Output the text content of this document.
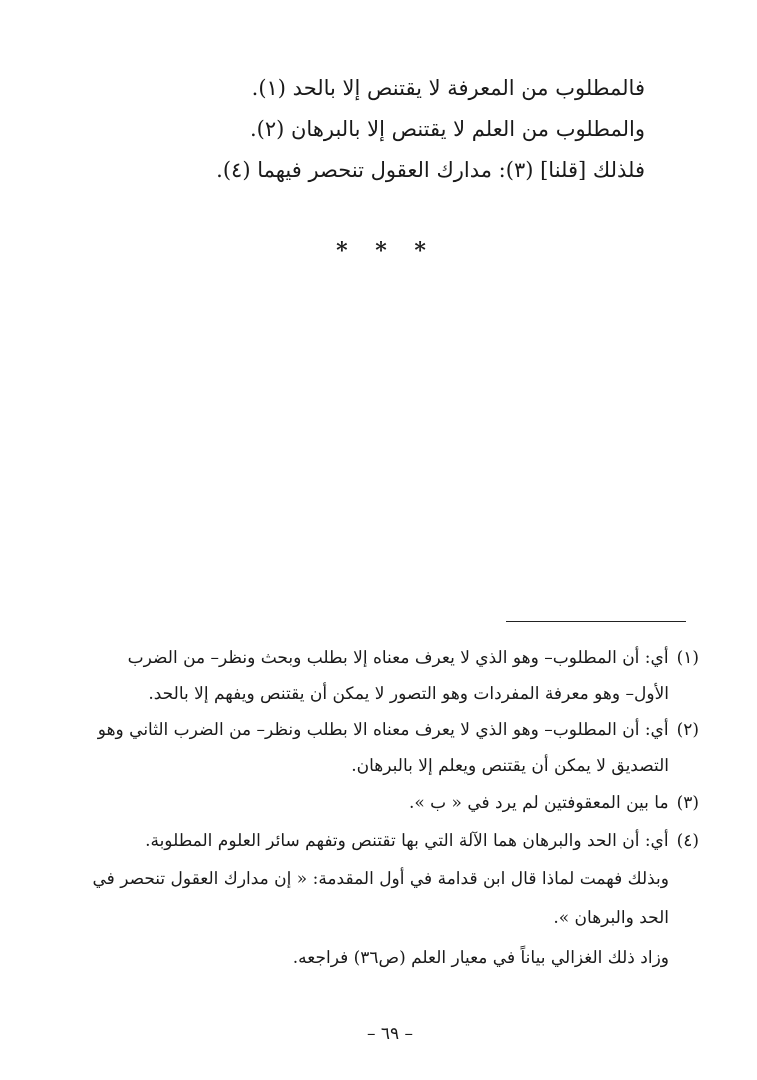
فالمطلوب من المعرفة لا يقتنص إلا بالحد (١).
والمطلوب من العلم لا يقتنص إلا بالبرهان (٢).
فلذلك [قلنا] (٣): مدارك العقول تنحصر فيهما (٤).
* * *
(١)أي: أن المطلوب– وهو الذي لا يعرف معناه إلا بطلب وبحث ونظر– من الضرب
الأول– وهو معرفة المفردات وهو التصور لا يمكن أن يقتنص ويفهم إلا بالحد.
(٢)أي: أن المطلوب– وهو الذي لا يعرف معناه الا بطلب ونظر– من الضرب الثاني وهو
التصديق لا يمكن أن يقتنص ويعلم إلا بالبرهان.
(٣)ما بين المعقوفتين لم يرد في « ب ».
(٤)أي: أن الحد والبرهان هما الآلة التي بها تقتنص وتفهم سائر العلوم المطلوبة.
وبذلك فهمت لماذا قال ابن قدامة في أول المقدمة: « إن مدارك العقول تنحصر في
الحد والبرهان ».
وزاد ذلك الغزالي بياناً في معيار العلم (ص٣٦) فراجعه.
– ٦٩ –
